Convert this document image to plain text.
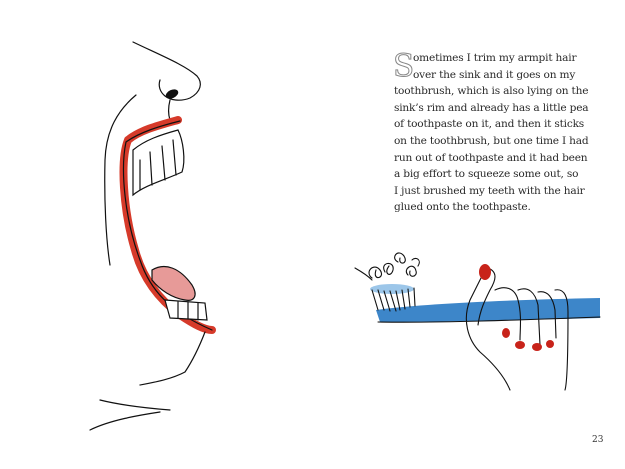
S
ometimes I trim my armpit hair
over the sink and it goes on my
toothbrush, which is also lying on the
sink’s rim and already has a little pea
of toothpaste on it, and then it sticks
on the toothbrush, but one time I had
run out of toothpaste and it had been
a big effort to squeeze some out, so
I just brushed my teeth with the hair
glued onto the toothpaste.
23
